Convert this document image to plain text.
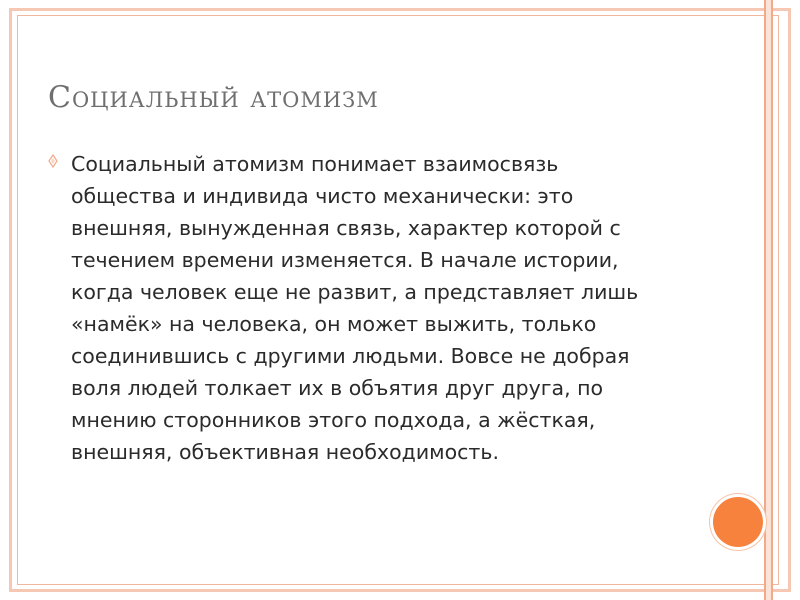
Социальный атомизм
Социальный атомизм понимает взаимосвязь
общества и индивида чисто механически: это
внешняя, вынужденная связь, характер которой с
течением времени изменяется. В начале истории,
когда человек еще не развит, а представляет лишь
«намёк» на человека, он может выжить, только
соединившись с другими людьми. Вовсе не добрая
воля людей толкает их в объятия друг друга, по
мнению сторонников этого подхода, а жёсткая,
внешняя, объективная необходимость.
